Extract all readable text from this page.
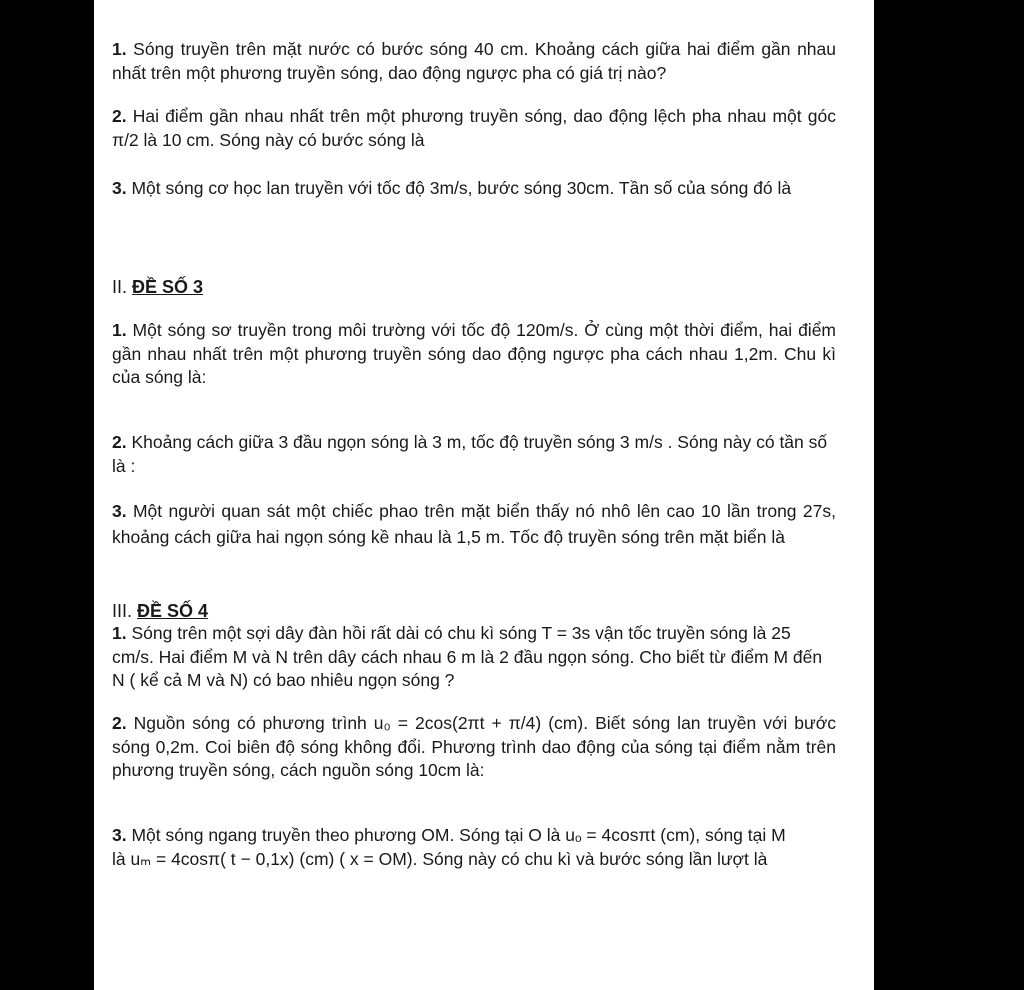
1. Sóng truyền trên mặt nước có bước sóng 40 cm. Khoảng cách giữa hai điểm gần nhau nhất trên một phương truyền sóng, dao động ngược pha có giá trị nào?
2. Hai điểm gần nhau nhất trên một phương truyền sóng, dao động lệch pha nhau một góc π/2 là 10 cm. Sóng này có bước sóng là
3. Một sóng cơ học lan truyền với tốc độ 3m/s, bước sóng 30cm. Tần số của sóng đó là
II. ĐỀ SỐ 3
1. Một sóng sơ truyền trong môi trường với tốc độ 120m/s. Ở cùng một thời điểm, hai điểm gần nhau nhất trên một phương truyền sóng dao động ngược pha cách nhau 1,2m. Chu kì của sóng là:
2. Khoảng cách giữa 3 đầu ngọn sóng là 3 m, tốc độ truyền sóng 3 m/s . Sóng này có tần số là :
3. Một người quan sát một chiếc phao trên mặt biển thấy nó nhô lên cao 10 lần trong 27s, khoảng cách giữa hai ngọn sóng kề nhau là 1,5 m. Tốc độ truyền sóng trên mặt biển là
III. ĐỀ SỐ 4
1. Sóng trên một sợi dây đàn hồi rất dài có chu kì sóng T = 3s vận tốc truyền sóng là 25 cm/s. Hai điểm M và N trên dây cách nhau 6 m là 2 đầu ngọn sóng. Cho biết từ điểm M đến N ( kể cả M và N) có bao nhiêu ngọn sóng ?
2. Nguồn sóng có phương trình u₀ = 2cos(2πt + π/4) (cm). Biết sóng lan truyền với bước sóng 0,2m. Coi biên độ sóng không đổi. Phương trình dao động của sóng tại điểm nằm trên phương truyền sóng, cách nguồn sóng 10cm là:
3. Một sóng ngang truyền theo phương OM. Sóng tại O là uₒ = 4cosπt (cm), sóng tại M
là uₘ = 4cosπ( t − 0,1x) (cm) ( x = OM). Sóng này có chu kì và bước sóng lần lượt là
